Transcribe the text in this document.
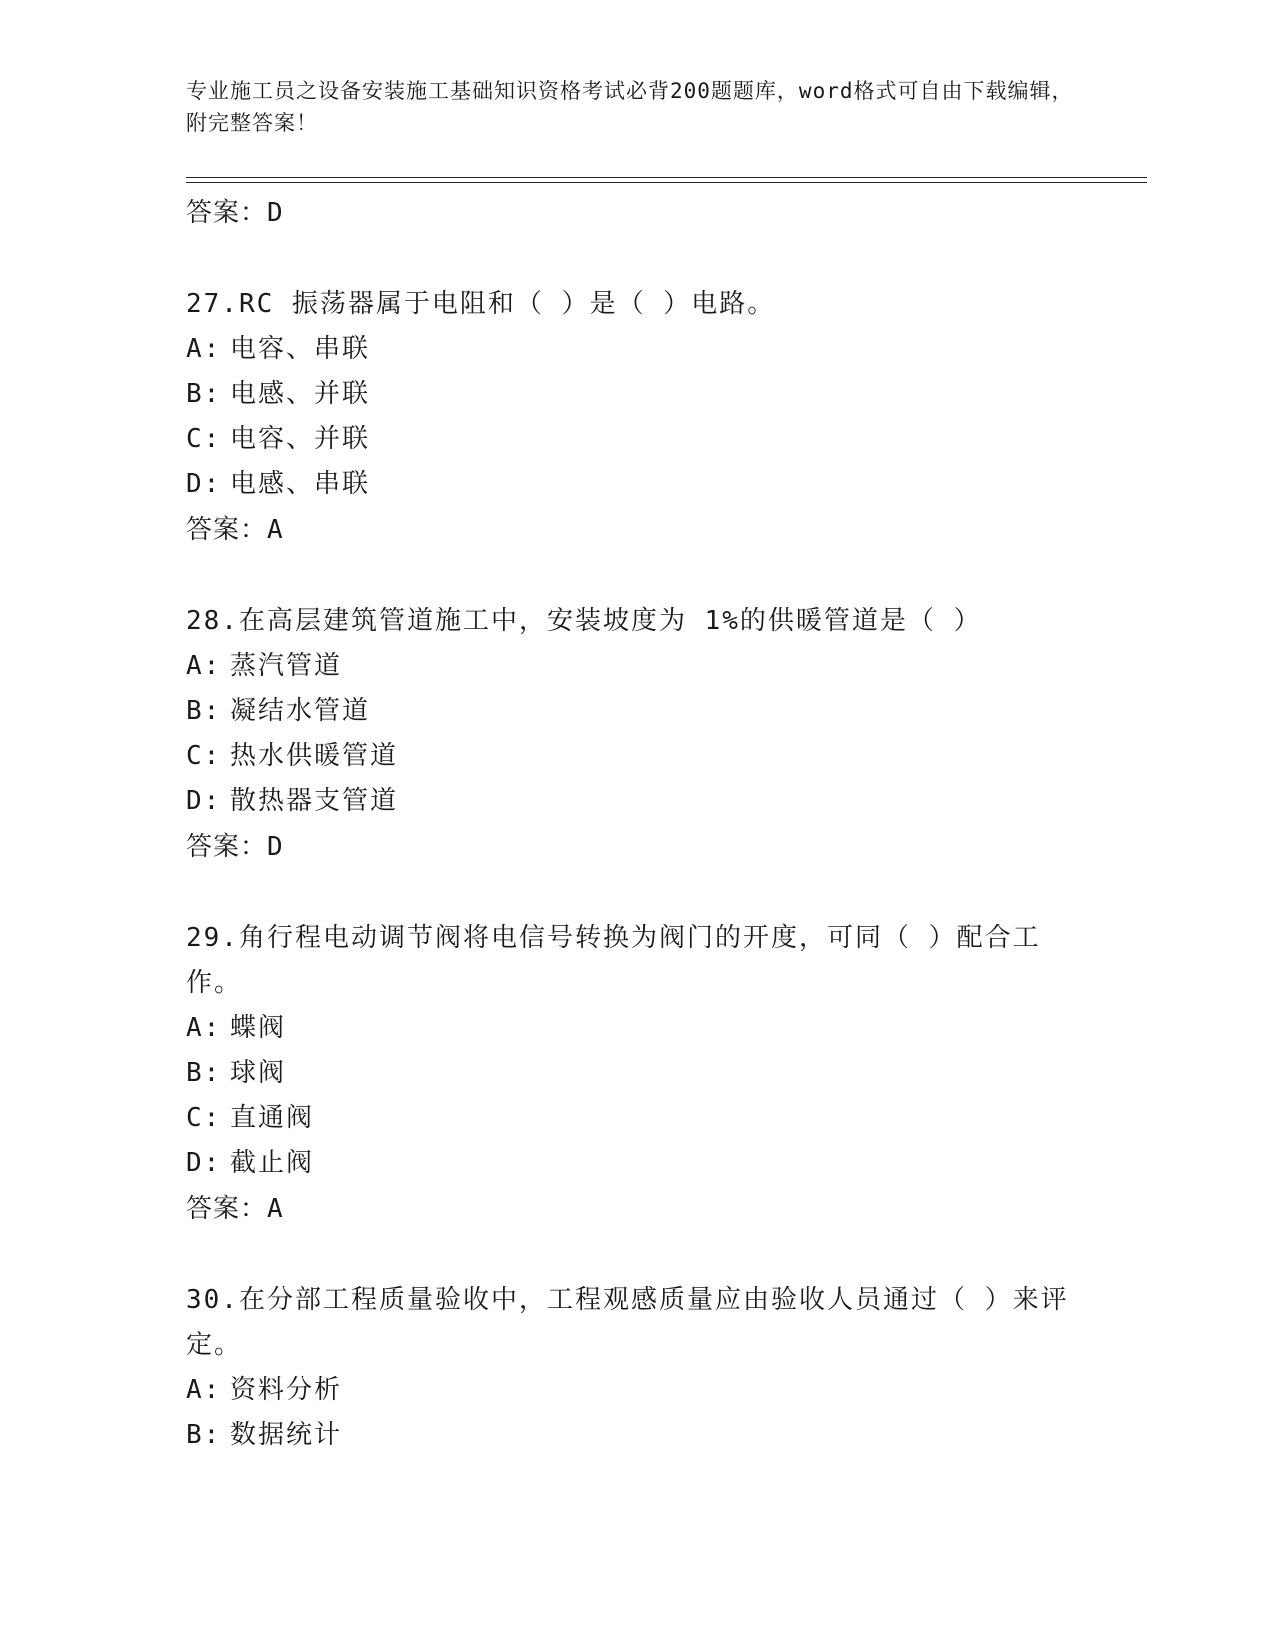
专业施工员之设备安装施工基础知识资格考试必背200题题库，word格式可自由下载编辑，附完整答案！
答案：D
27.RC 振荡器属于电阻和（ ）是（ ）电路。
A: 电容、串联
B: 电感、并联
C: 电容、并联
D: 电感、串联
答案：A
28.在高层建筑管道施工中，安装坡度为 1%的供暖管道是（ ）
A: 蒸汽管道
B: 凝结水管道
C: 热水供暖管道
D: 散热器支管道
答案：D
29.角行程电动调节阀将电信号转换为阀门的开度，可同（ ）配合工作。
A: 蝶阀
B: 球阀
C: 直通阀
D: 截止阀
答案：A
30.在分部工程质量验收中，工程观感质量应由验收人员通过（ ）来评定。
A: 资料分析
B: 数据统计
